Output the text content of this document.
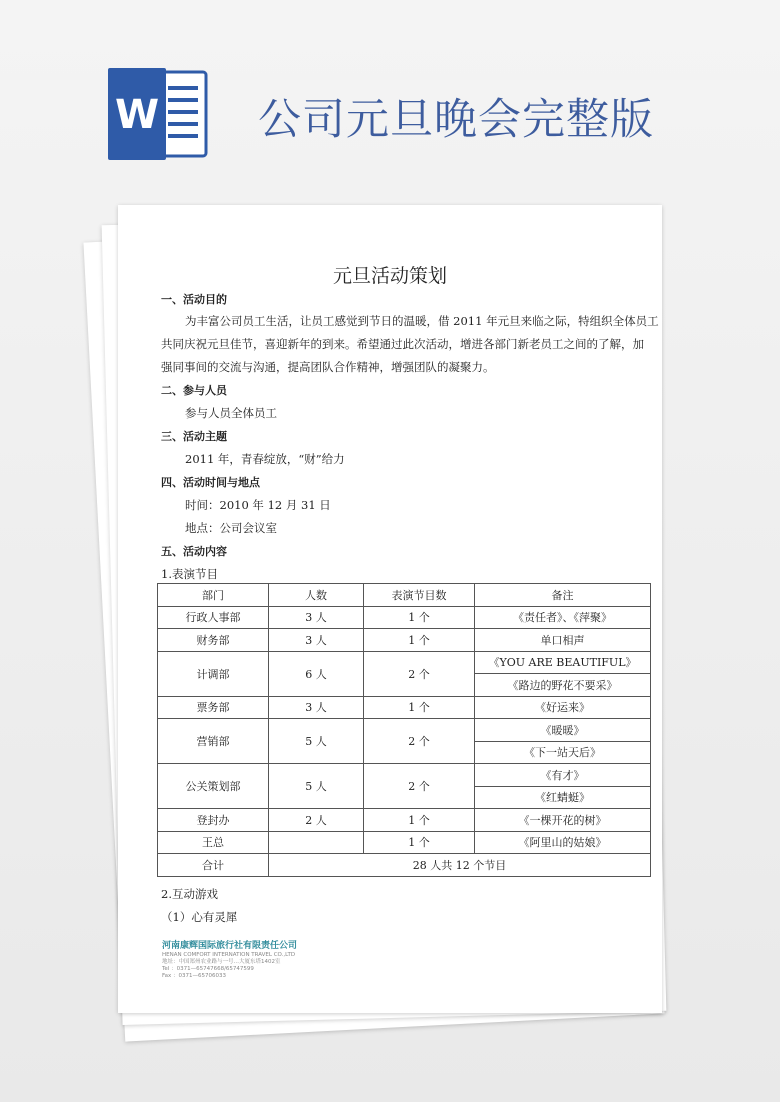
W 公司元旦晚会完整版
元旦活动策划
一、活动目的
为丰富公司员工生活，让员工感觉到节日的温暖，借 2011 年元旦来临之际，特组织全体员工
共同庆祝元旦佳节，喜迎新年的到来。希望通过此次活动，增进各部门新老员工之间的了解，加
强同事间的交流与沟通，提高团队合作精神，增强团队的凝聚力。
二、参与人员
参与人员全体员工
三、活动主题
2011 年，青春绽放，“财”给力
四、活动时间与地点
时间：2010 年 12 月 31 日
地点：公司会议室
五、活动内容
1.表演节目
部门	人数	表演节目数	备注
行政人事部	3 人	1 个	《责任者》、《萍聚》
财务部	3 人	1 个	单口相声
计调部	6 人	2 个	《YOU ARE BEAUTIFUL》
			《路边的野花不要采》
票务部	3 人	1 个	《好运来》
营销部	5 人	2 个	《暖暖》
			《下一站天后》
公关策划部	5 人	2 个	《有才》
			《红蜻蜓》
登封办	2 人	1 个	《一棵开花的树》
王总		1 个	《阿里山的姑娘》
合计	28 人共 12 个节目		
2.互动游戏
（1）心有灵犀
河南康辉国际旅行社有限责任公司
HENAN COMFORT INTERNATION TRAVEL CO.,LTD
地址：中国郑州农业路与一号…大厦东塔1402室
Tel ：0371—65747668/65747599
Fax ：0371—65706033
